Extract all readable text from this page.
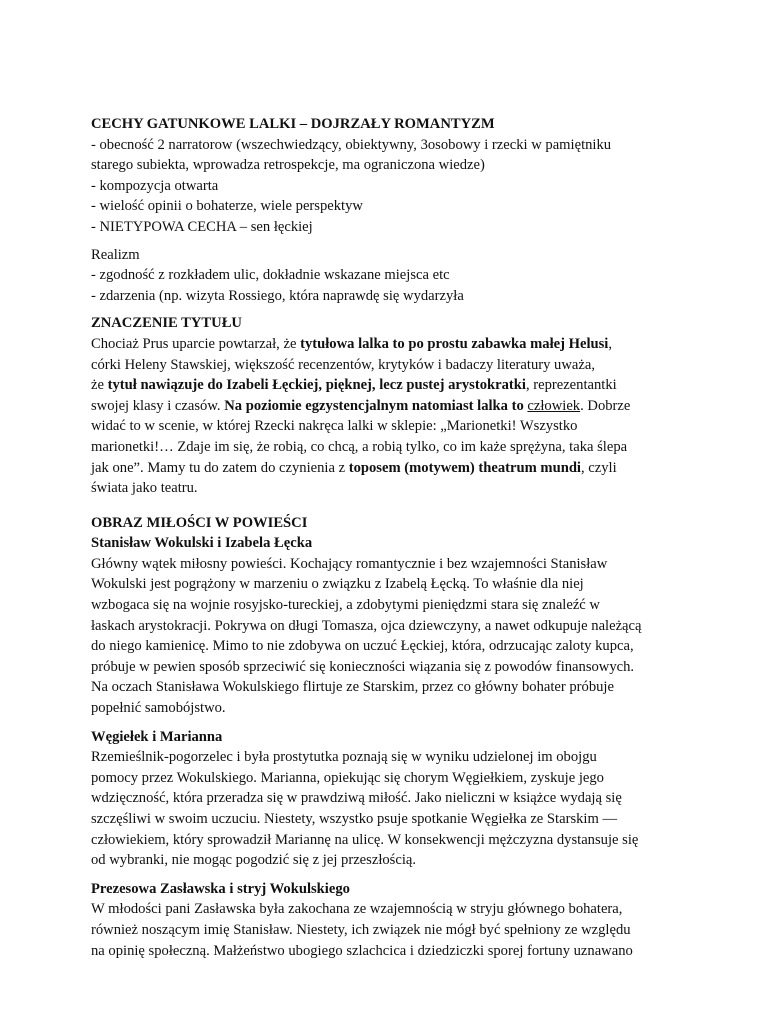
CECHY GATUNKOWE LALKI – DOJRZAŁY ROMANTYZM
- obecność 2 narratorow (wszechwiedzący, obiektywny, 3osobowy i rzecki w pamiętniku
starego subiekta, wprowadza retrospekcje, ma ograniczona wiedze)
- kompozycja otwarta
- wielość opinii o bohaterze, wiele perspektyw
- NIETYPOWA CECHA – sen łęckiej
Realizm
- zgodność z rozkładem ulic, dokładnie wskazane miejsca etc
- zdarzenia (np. wizyta Rossiego, która naprawdę się wydarzyła
ZNACZENIE TYTUŁU
Chociaż Prus uparcie powtarzał, że tytułowa lalka to po prostu zabawka małej Helusi,
córki Heleny Stawskiej, większość recenzentów, krytyków i badaczy literatury uważa,
że tytuł nawiązuje do Izabeli Łęckiej, pięknej, lecz pustej arystokratki, reprezentantki
swojej klasy i czasów. Na poziomie egzystencjalnym natomiast lalka to człowiek. Dobrze
widać to w scenie, w której Rzecki nakręca lalki w sklepie: „Marionetki! Wszystko
marionetki!… Zdaje im się, że robią, co chcą, a robią tylko, co im każe sprężyna, taka ślepa
jak one”. Mamy tu do zatem do czynienia z toposem (motywem) theatrum mundi, czyli
świata jako teatru.
OBRAZ MIŁOŚCI W POWIEŚCI
Stanisław Wokulski i Izabela Łęcka
Główny wątek miłosny powieści. Kochający romantycznie i bez wzajemności Stanisław
Wokulski jest pogrążony w marzeniu o związku z Izabelą Łęcką. To właśnie dla niej
wzbogaca się na wojnie rosyjsko-tureckiej, a zdobytymi pieniędzmi stara się znaleźć w
łaskach arystokracji. Pokrywa on długi Tomasza, ojca dziewczyny, a nawet odkupuje należącą
do niego kamienicę. Mimo to nie zdobywa on uczuć Łęckiej, która, odrzucając zaloty kupca,
próbuje w pewien sposób sprzeciwić się konieczności wiązania się z powodów finansowych.
Na oczach Stanisława Wokulskiego flirtuje ze Starskim, przez co główny bohater próbuje
popełnić samobójstwo.
Węgiełek i Marianna
Rzemieślnik-pogorzelec i była prostytutka poznają się w wyniku udzielonej im obojgu
pomocy przez Wokulskiego. Marianna, opiekując się chorym Węgiełkiem, zyskuje jego
wdzięczność, która przeradza się w prawdziwą miłość. Jako nieliczni w książce wydają się
szczęśliwi w swoim uczuciu. Niestety, wszystko psuje spotkanie Węgiełka ze Starskim —
człowiekiem, który sprowadził Mariannę na ulicę. W konsekwencji mężczyzna dystansuje się
od wybranki, nie mogąc pogodzić się z jej przeszłością.
Prezesowa Zasławska i stryj Wokulskiego
W młodości pani Zasławska była zakochana ze wzajemnością w stryju głównego bohatera,
również noszącym imię Stanisław. Niestety, ich związek nie mógł być spełniony ze względu
na opinię społeczną. Małżeństwo ubogiego szlachcica i dziedziczki sporej fortuny uznawano
